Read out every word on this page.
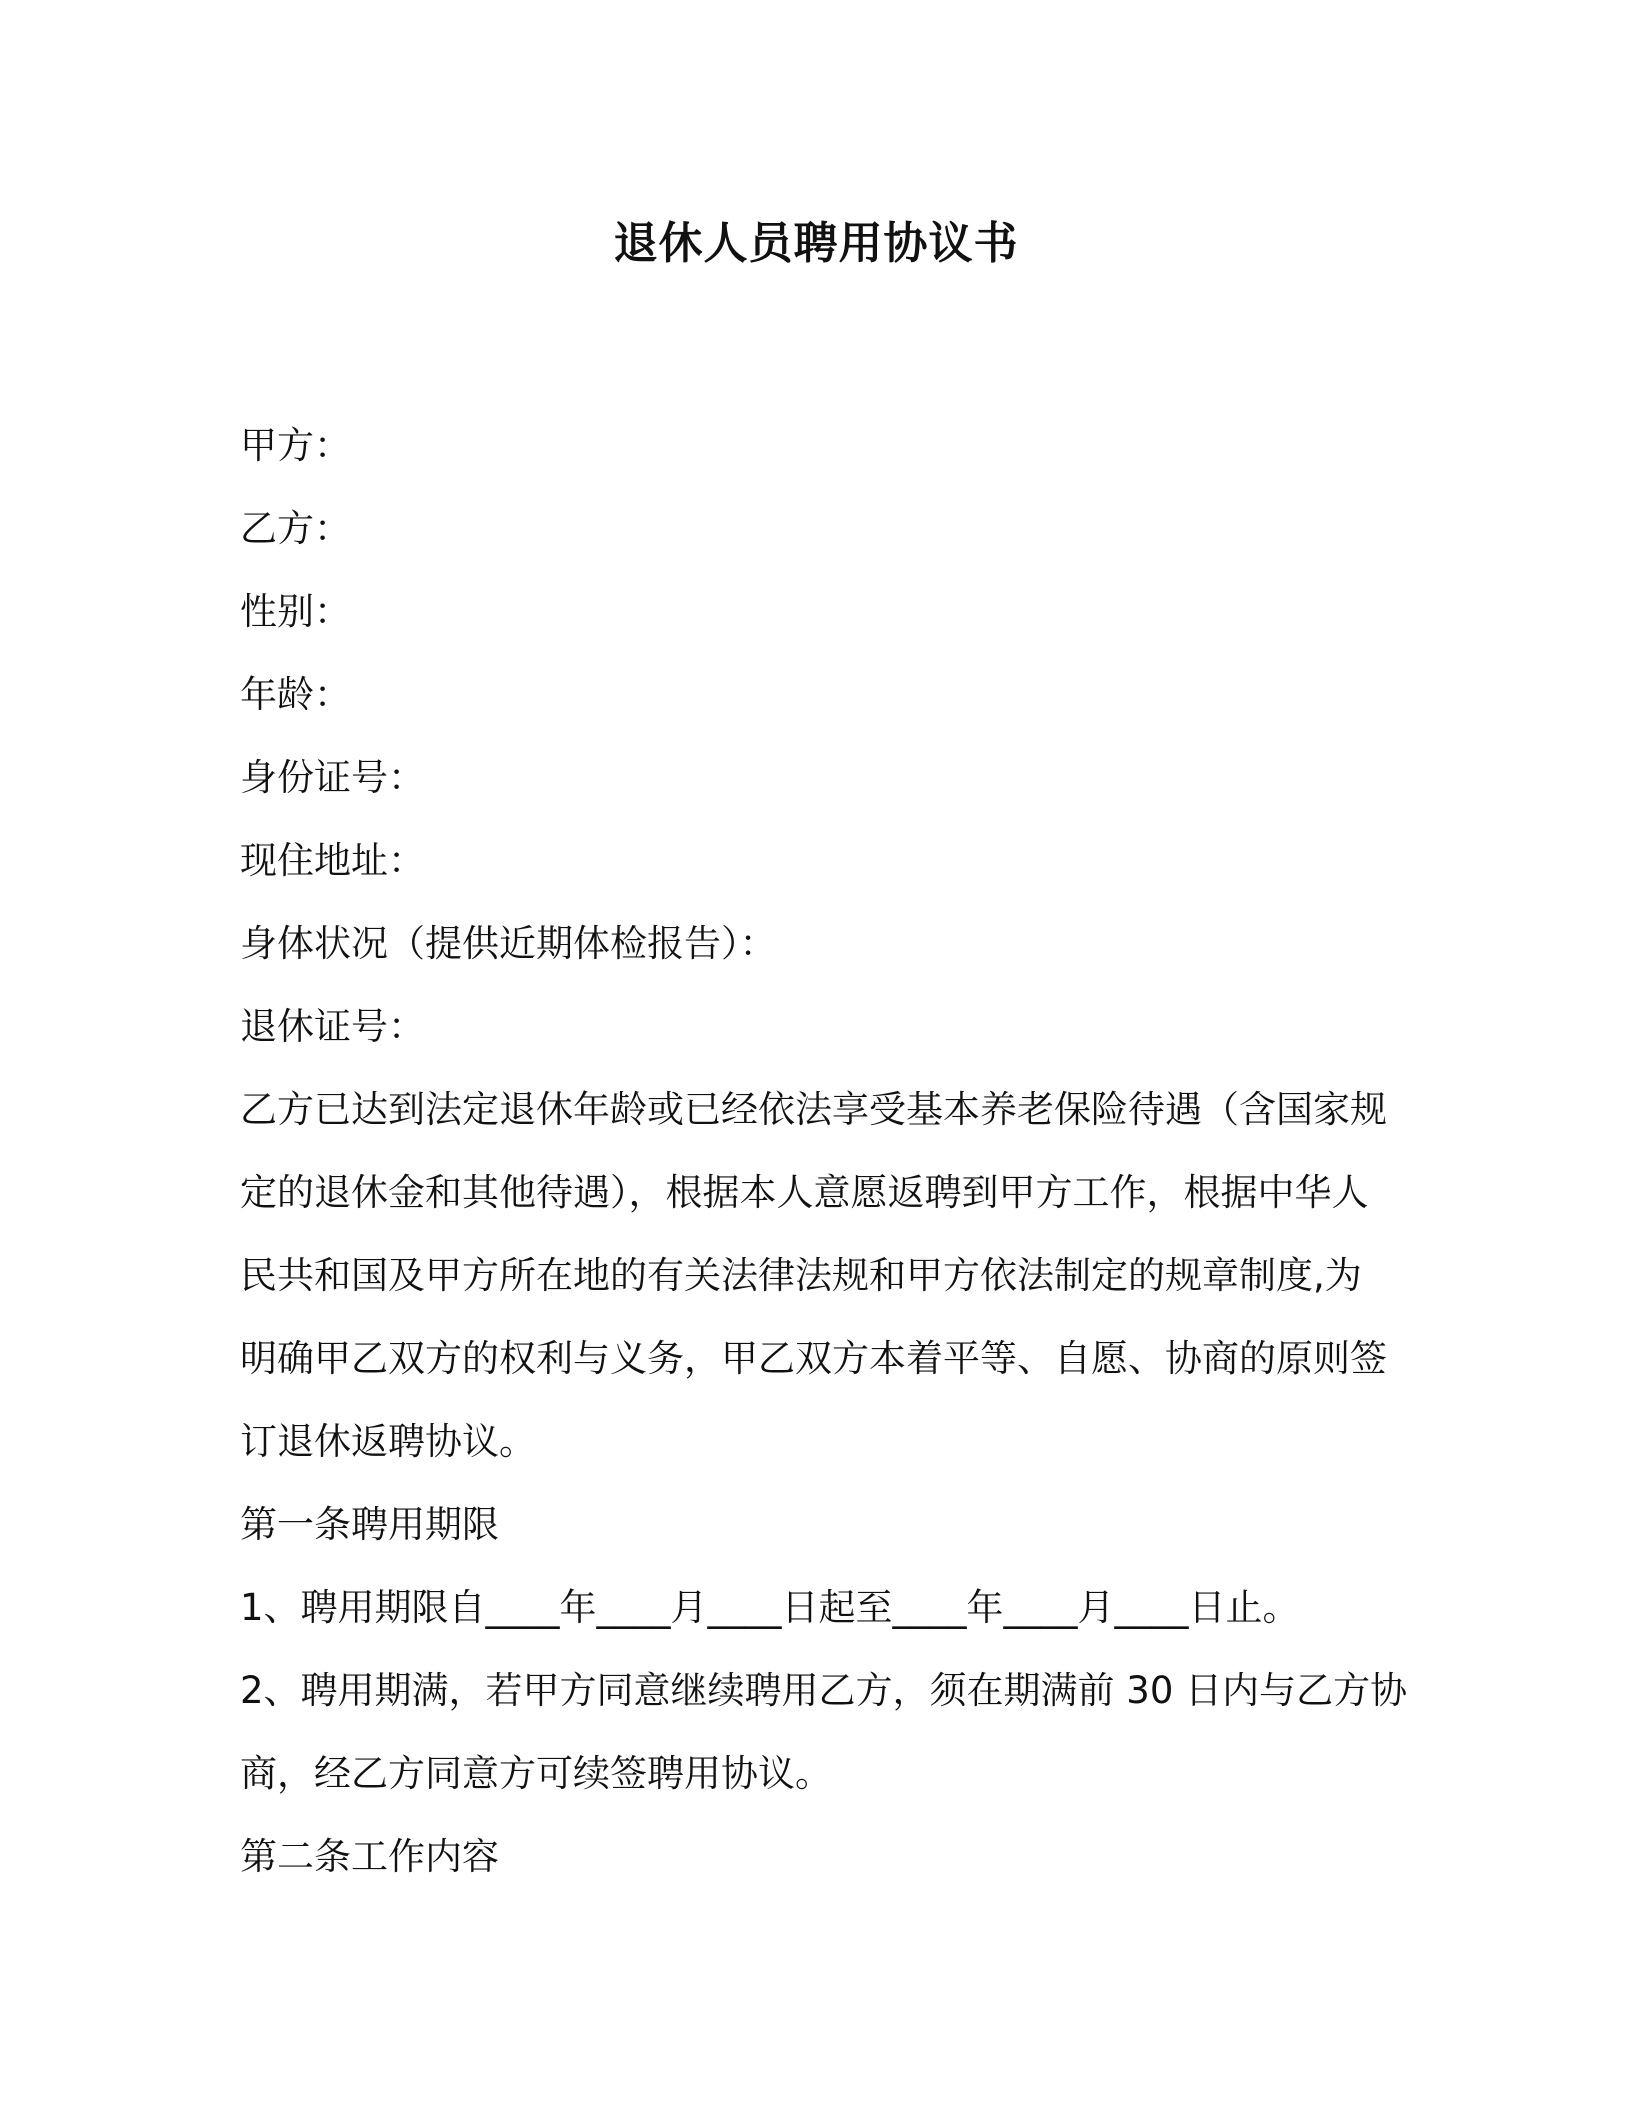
退休人员聘用协议书
甲方：
乙方：
性别：
年龄：
身份证号：
现住地址：
身体状况（提供近期体检报告）：
退休证号：
乙方已达到法定退休年龄或已经依法享受基本养老保险待遇（含国家规
定的退休金和其他待遇），根据本人意愿返聘到甲方工作，根据中华人
民共和国及甲方所在地的有关法律法规和甲方依法制定的规章制度,为
明确甲乙双方的权利与义务，甲乙双方本着平等、自愿、协商的原则签
订退休返聘协议。
第一条聘用期限
1、聘用期限自____年____月____日起至____年____月____日止。
2、聘用期满，若甲方同意继续聘用乙方，须在期满前 30 日内与乙方协
商，经乙方同意方可续签聘用协议。
第二条工作内容
